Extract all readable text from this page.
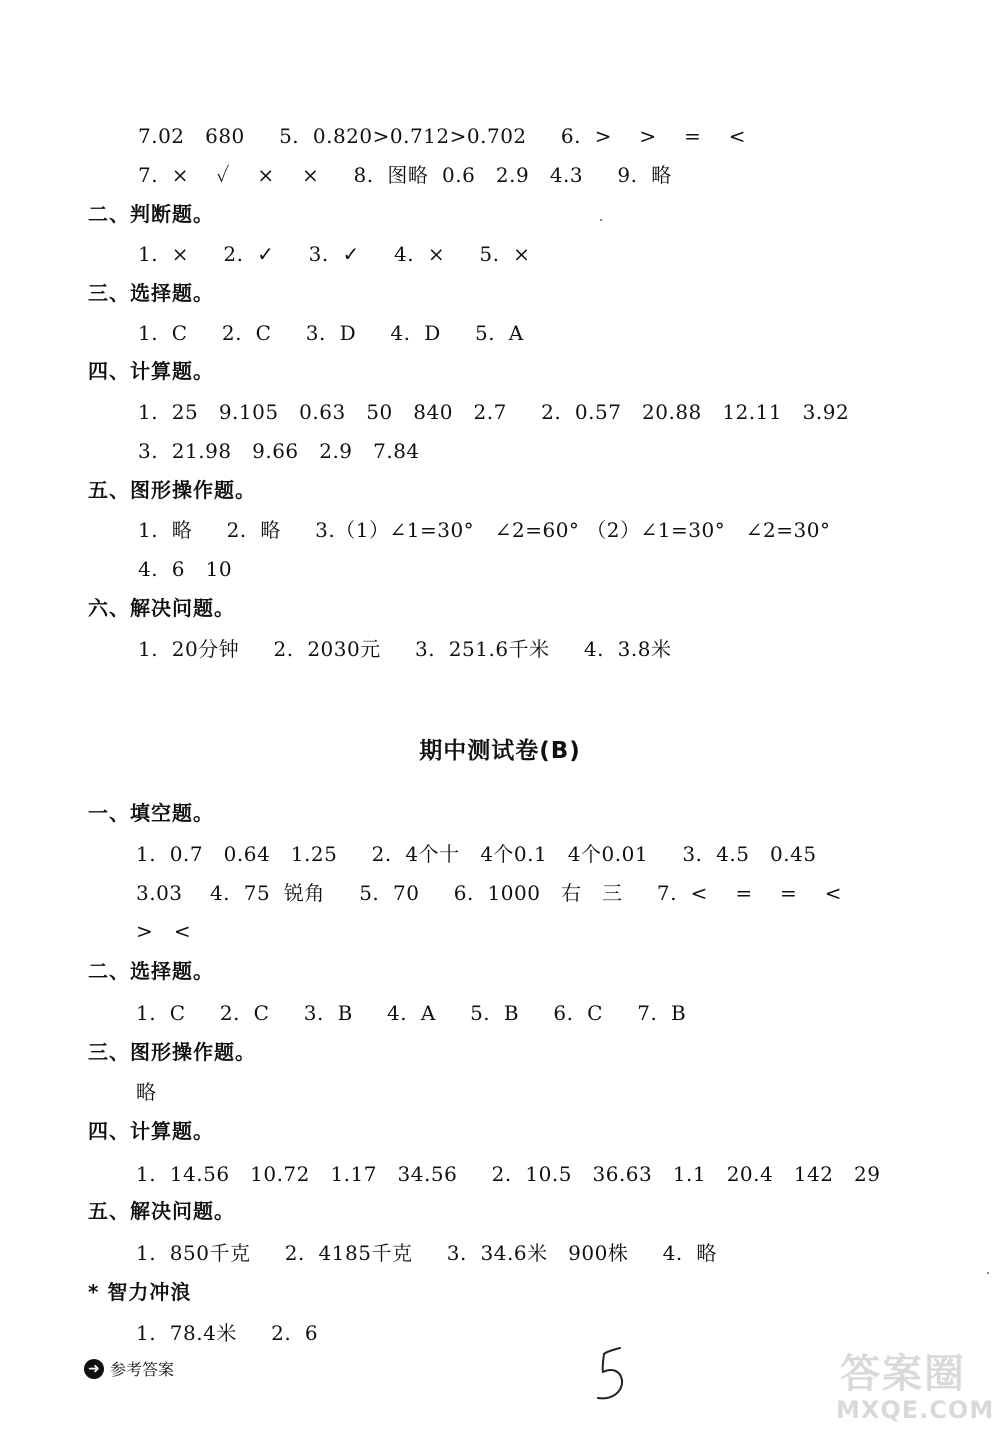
7.02   680     5.  0.820>0.712>0.702     6.  >    >    =    <
7.  ×    ✓    ×    ×     8.  图略  0.6   2.9   4.3     9.  略
二、判断题。
1.  ×     2.  ✓     3.  ✓     4.  ×     5.  ×
三、选择题。
1.  C     2.  C     3.  D     4.  D     5.  A
四、计算题。
1.  25   9.105   0.63   50   840   2.7     2.  0.57   20.88   12.11   3.92
3.  21.98   9.66   2.9   7.84
五、图形操作题。
1.  略     2.  略     3.（1）∠1=30°   ∠2=60° （2）∠1=30°   ∠2=30°
4.  6   10
六、解决问题。
1.  20分钟     2.  2030元     3.  251.6千米     4.  3.8米
期中测试卷(B)
一、填空题。
1.  0.7   0.64   1.25     2.  4个十   4个0.1   4个0.01     3.  4.5   0.45
3.03    4.  75  锐角     5.  70     6.  1000   右   三     7.  <    =    =    <
>   <
二、选择题。
1.  C     2.  C     3.  B     4.  A     5.  B     6.  C     7.  B
三、图形操作题。
略
四、计算题。
1.  14.56   10.72   1.17   34.56     2.  10.5   36.63   1.1   20.4   142   29
五、解决问题。
1.  850千克     2.  4185千克     3.  34.6米   900株     4.  略
* 智力冲浪
1.  78.4米     2.  6
➜ 参考答案	答案圈
MXQE.COM
